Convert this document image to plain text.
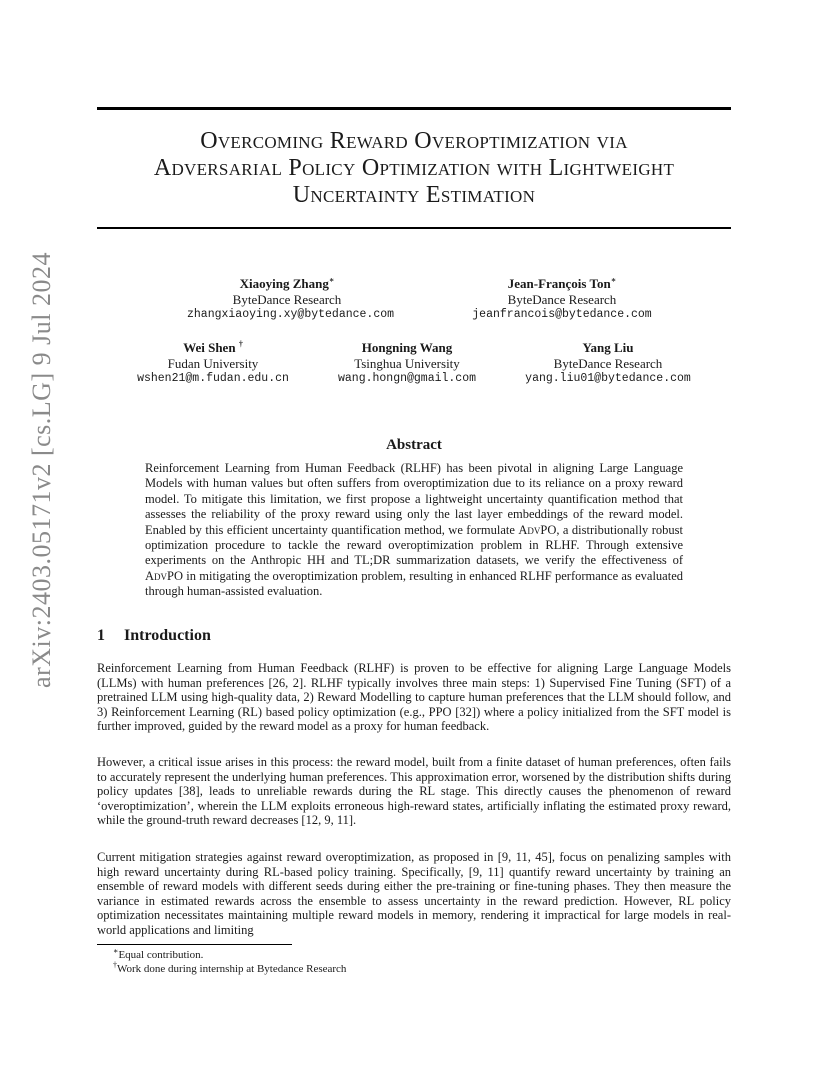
arXiv:2403.05171v2 [cs.LG] 9 Jul 2024
Overcoming Reward Overoptimization via
Adversarial Policy Optimization with Lightweight
Uncertainty Estimation
Xiaoying Zhang∗
ByteDance Research
zhangxiaoying.xy@bytedance.com
Jean-François Ton∗
ByteDance Research
jeanfrancois@bytedance.com
Wei Shen †
Fudan University
wshen21@m.fudan.edu.cn
Hongning Wang
Tsinghua University
wang.hongn@gmail.com
Yang Liu
ByteDance Research
yang.liu01@bytedance.com
Abstract
Reinforcement Learning from Human Feedback (RLHF) has been pivotal in aligning Large Language Models with human values but often suffers from overoptimization due to its reliance on a proxy reward model. To mitigate this limitation, we first propose a lightweight uncertainty quantification method that assesses the reliability of the proxy reward using only the last layer embeddings of the reward model. Enabled by this efficient uncertainty quantification method, we formulate AdvPO, a distributionally robust optimization procedure to tackle the reward overoptimization problem in RLHF. Through extensive experiments on the Anthropic HH and TL;DR summarization datasets, we verify the effectiveness of AdvPO in mitigating the overoptimization problem, resulting in enhanced RLHF performance as evaluated through human-assisted evaluation.
1 Introduction
Reinforcement Learning from Human Feedback (RLHF) is proven to be effective for aligning Large Language Models (LLMs) with human preferences [26, 2]. RLHF typically involves three main steps: 1) Supervised Fine Tuning (SFT) of a pretrained LLM using high-quality data, 2) Reward Modelling to capture human preferences that the LLM should follow, and 3) Reinforcement Learning (RL) based policy optimization (e.g., PPO [32]) where a policy initialized from the SFT model is further improved, guided by the reward model as a proxy for human feedback.
However, a critical issue arises in this process: the reward model, built from a finite dataset of human preferences, often fails to accurately represent the underlying human preferences. This approximation error, worsened by the distribution shifts during policy updates [38], leads to unreliable rewards during the RL stage. This directly causes the phenomenon of reward ‘overoptimization’, wherein the LLM exploits erroneous high-reward states, artificially inflating the estimated proxy reward, while the ground-truth reward decreases [12, 9, 11].
Current mitigation strategies against reward overoptimization, as proposed in [9, 11, 45], focus on penalizing samples with high reward uncertainty during RL-based policy training. Specifically, [9, 11] quantify reward uncertainty by training an ensemble of reward models with different seeds during either the pre-training or fine-tuning phases. They then measure the variance in estimated rewards across the ensemble to assess uncertainty in the reward prediction. However, RL policy optimization necessitates maintaining multiple reward models in memory, rendering it impractical for large models in real-world applications and limiting
∗Equal contribution.
†Work done during internship at Bytedance Research
